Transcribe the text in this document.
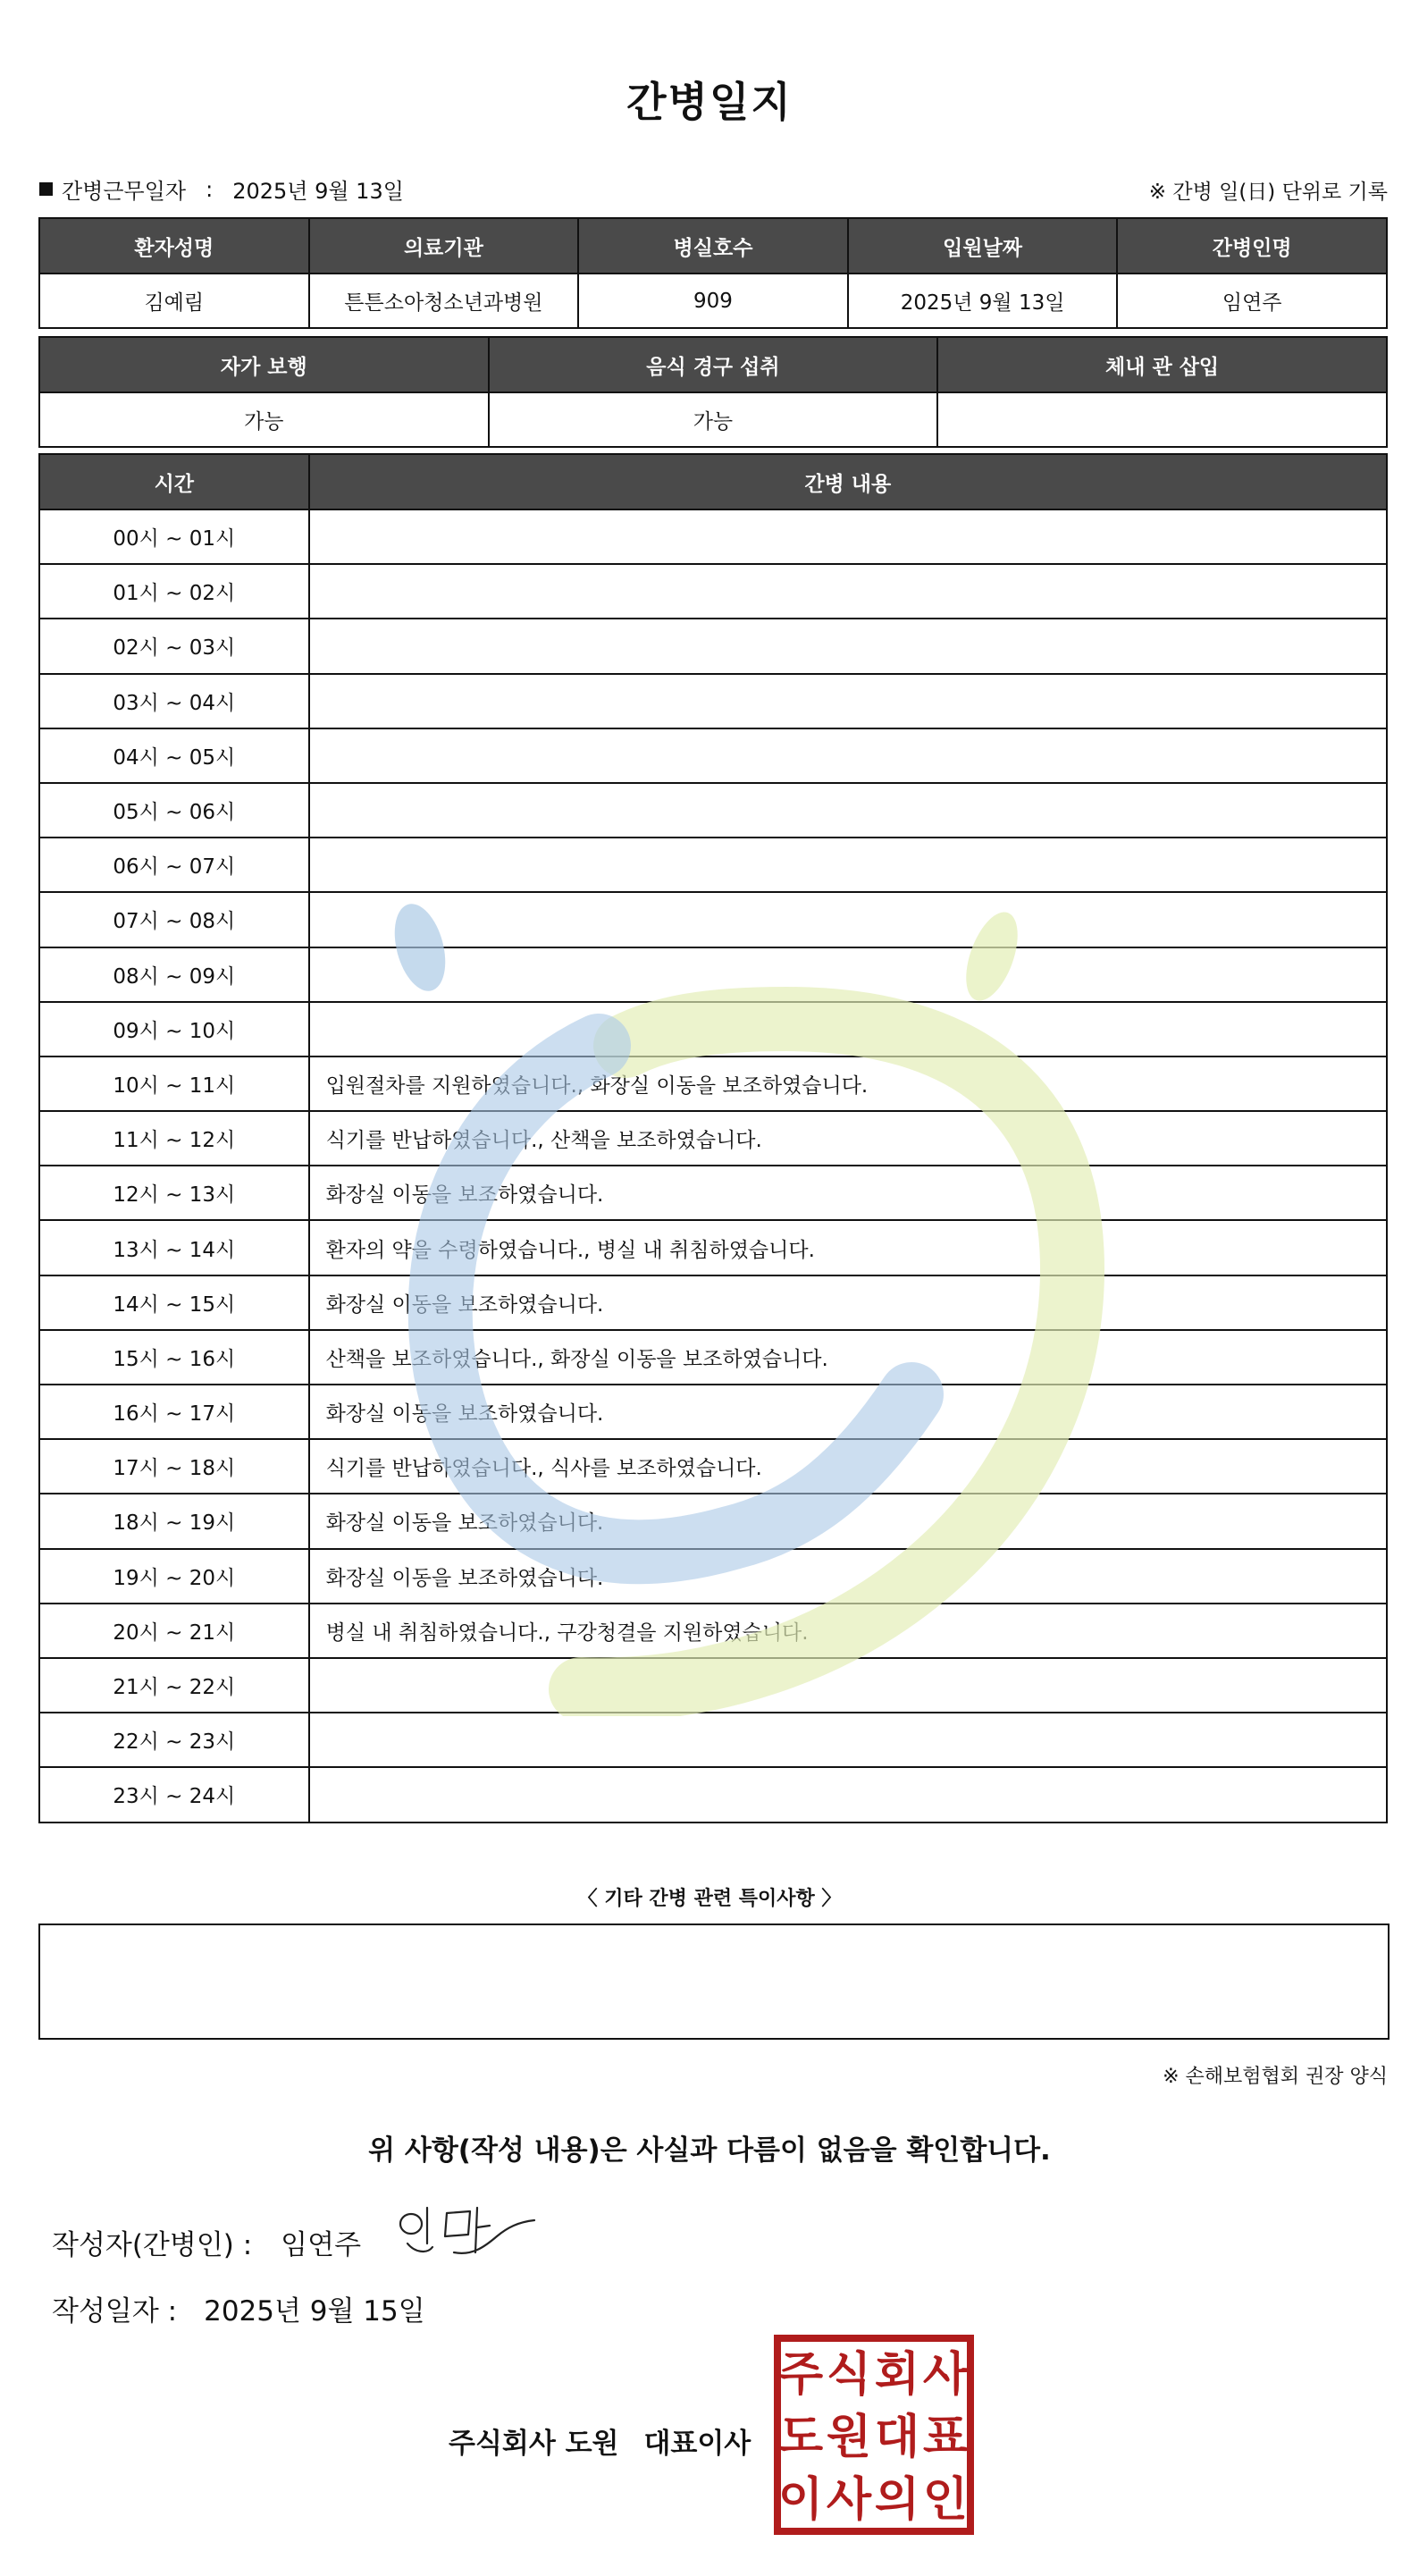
간병일지
간병근무일자 : 2025년 9월 13일	※ 간병 일(日) 단위로 기록
환자성명	의료기관	병실호수	입원날짜	간병인명
김예림	튼튼소아청소년과병원	909	2025년 9월 13일	임연주
자가 보행	음식 경구 섭취	체내 관 삽입
가능	가능	
시간	간병 내용
00시 ~ 01시	
01시 ~ 02시	
02시 ~ 03시	
03시 ~ 04시	
04시 ~ 05시	
05시 ~ 06시	
06시 ~ 07시	
07시 ~ 08시	
08시 ~ 09시	
09시 ~ 10시	
10시 ~ 11시	입원절차를 지원하였습니다., 화장실 이동을 보조하였습니다.
11시 ~ 12시	식기를 반납하였습니다., 산책을 보조하였습니다.
12시 ~ 13시	화장실 이동을 보조하였습니다.
13시 ~ 14시	환자의 약을 수령하였습니다., 병실 내 취침하였습니다.
14시 ~ 15시	화장실 이동을 보조하였습니다.
15시 ~ 16시	산책을 보조하였습니다., 화장실 이동을 보조하였습니다.
16시 ~ 17시	화장실 이동을 보조하였습니다.
17시 ~ 18시	식기를 반납하였습니다., 식사를 보조하였습니다.
18시 ~ 19시	화장실 이동을 보조하였습니다.
19시 ~ 20시	화장실 이동을 보조하였습니다.
20시 ~ 21시	병실 내 취침하였습니다., 구강청결을 지원하였습니다.
21시 ~ 22시	
22시 ~ 23시	
23시 ~ 24시	
〈 기타 간병 관련 특이사항 〉
※ 손해보험협회 권장 양식
위 사항(작성 내용)은 사실과 다름이 없음을 확인합니다.
작성자(간병인) : 임연주
작성일자 : 2025년 9월 15일
주식회사 도원 대표이사
주
도
이
식
원
사
회
대
의
사
표
인
